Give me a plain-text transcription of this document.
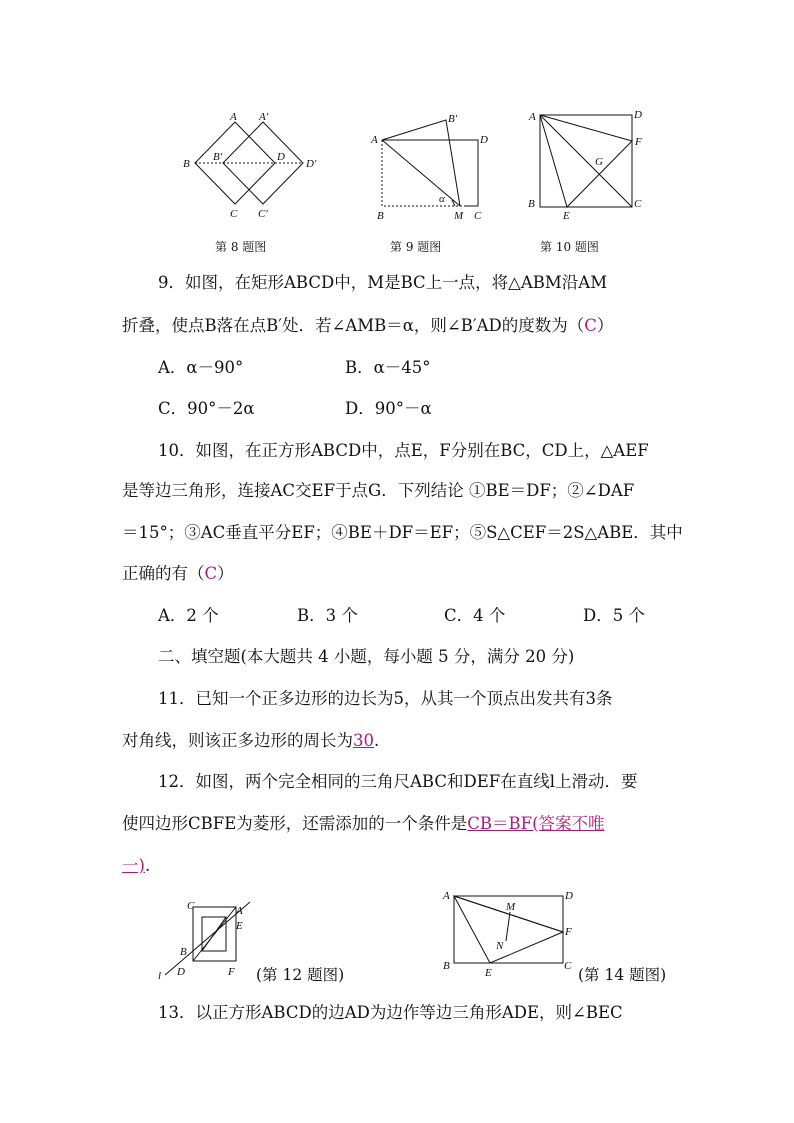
A A′
B
B′	D
D′
C C′
第 8 题图
A
B′
D
B	M C
α
第 9 题图
A	D
F
G
B
E
C
第 10 题图
9．如图，在矩形ABCD中，M是BC上一点，将△ABM沿AM
折叠，使点B落在点B′处．若∠AMB＝α，则∠B′AD的度数为（C）
A．α－90°	B．α－45°
C．90°－2α	D．90°－α
10．如图，在正方形ABCD中，点E，F分别在BC，CD上，△AEF
是等边三角形，连接AC交EF于点G．下列结论 ①BE＝DF；②∠DAF
＝15°；③AC垂直平分EF；④BE＋DF＝EF；⑤S△CEF＝2S△ABE．其中
正确的有（C）
A．2 个	B．3 个	C．4 个	D．5 个
二、填空题(本大题共 4 小题，每小题 5 分，满分 20 分)
11．已知一个正多边形的边长为5，从其一个顶点出发共有3条
对角线，则该正多边形的周长为30.
12．如图，两个完全相同的三角尺ABC和DEF在直线l上滑动．要
使四边形CBFE为菱形，还需添加的一个条件是CB＝BF(答案不唯
一).
C	A
E
B
l D	F (第 12 题图)
A	D
M
F
N
B
E
C (第 14 题图)
13．以正方形ABCD的边AD为边作等边三角形ADE，则∠BEC
